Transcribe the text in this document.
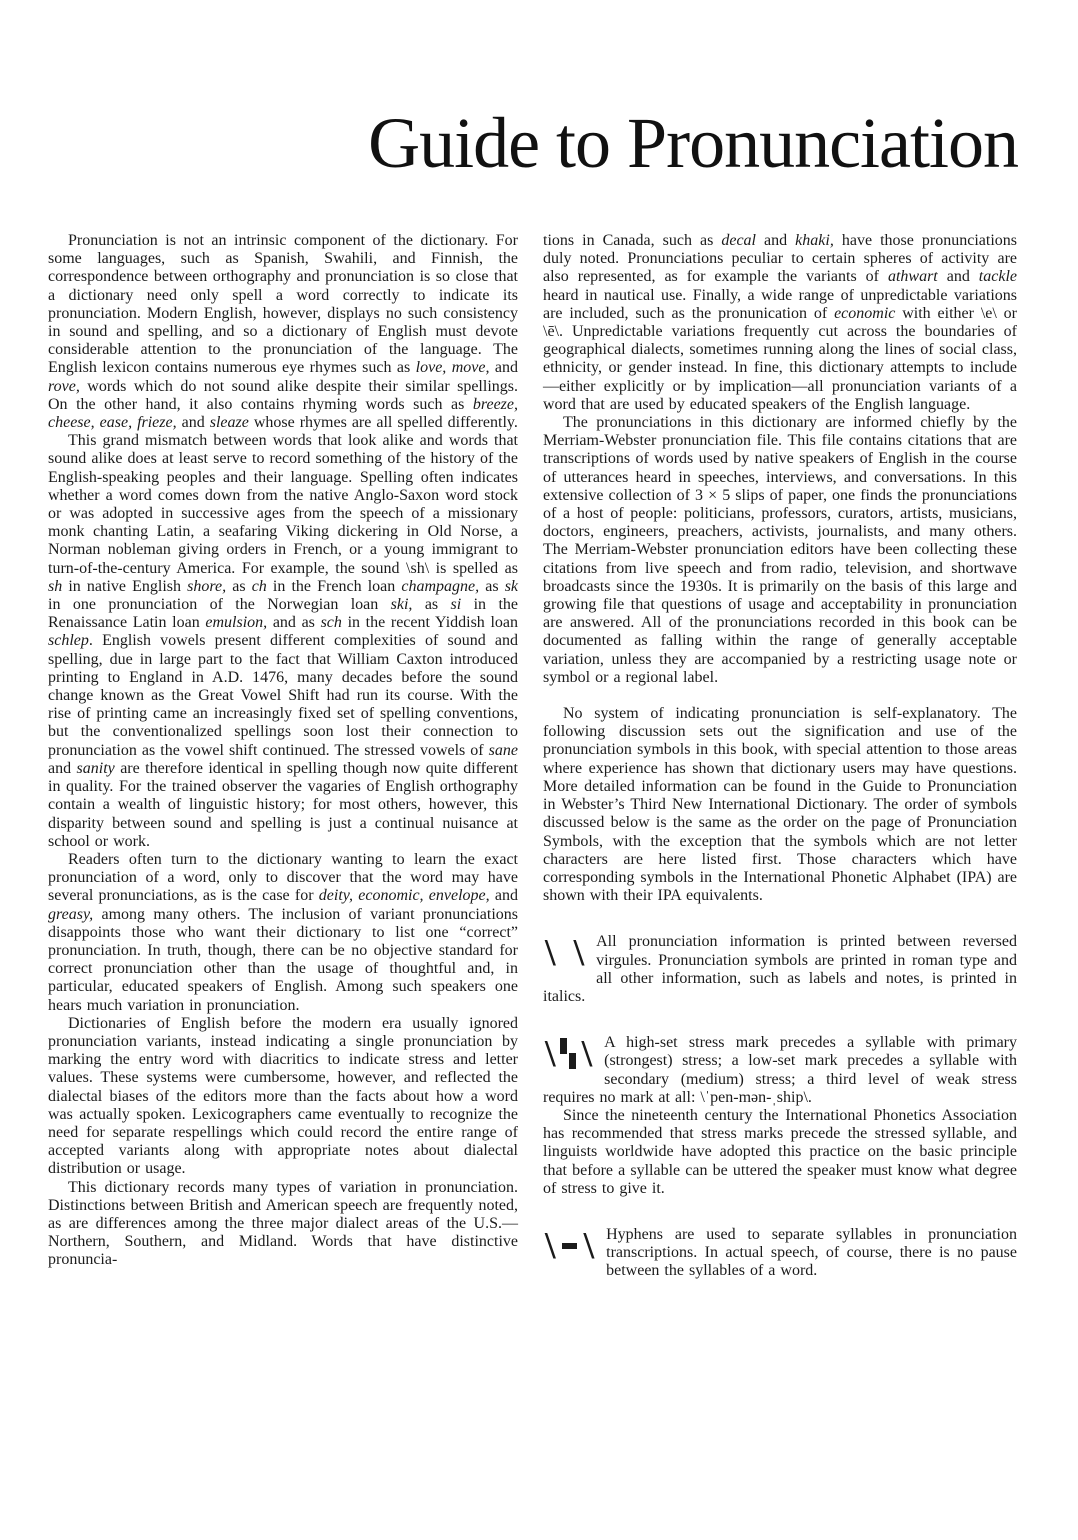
Guide to Pronunciation

Pronunciation is not an intrinsic component of the dictionary. For some languages, such as Spanish, Swahili, and Finnish, the correspondence between orthography and pronunciation is so close that a dictionary need only spell a word correctly to indicate its pronunciation. Modern English, however, displays no such consistency in sound and spelling, and so a dictionary of English must devote considerable attention to the pronunciation of the language. The English lexicon contains numerous eye rhymes such as love, move, and rove, words which do not sound alike despite their similar spellings. On the other hand, it also contains rhyming words such as breeze, cheese, ease, frieze, and sleaze whose rhymes are all spelled differently.

This grand mismatch between words that look alike and words that sound alike does at least serve to record something of the history of the English-speaking peoples and their language. Spelling often indicates whether a word comes down from the native Anglo-Saxon word stock or was adopted in successive ages from the speech of a missionary monk chanting Latin, a seafaring Viking dickering in Old Norse, a Norman nobleman giving orders in French, or a young immigrant to turn-of-the-century America. For example, the sound \sh\ is spelled as sh in native English shore, as ch in the French loan champagne, as sk in one pronunciation of the Norwegian loan ski, as si in the Renaissance Latin loan emulsion, and as sch in the recent Yiddish loan schlep. English vowels present different complexities of sound and spelling, due in large part to the fact that William Caxton introduced printing to England in A.D. 1476, many decades before the sound change known as the Great Vowel Shift had run its course. With the rise of printing came an increasingly fixed set of spelling conventions, but the conventionalized spellings soon lost their connection to pronunciation as the vowel shift continued. The stressed vowels of sane and sanity are therefore identical in spelling though now quite different in quality. For the trained observer the vagaries of English orthography contain a wealth of linguistic history; for most others, however, this disparity between sound and spelling is just a continual nuisance at school or work.

Readers often turn to the dictionary wanting to learn the exact pronunciation of a word, only to discover that the word may have several pronunciations, as is the case for deity, economic, envelope, and greasy, among many others. The inclusion of variant pronunciations disappoints those who want their dictionary to list one “correct” pronunciation. In truth, though, there can be no objective standard for correct pronunciation other than the usage of thoughtful and, in particular, educated speakers of English. Among such speakers one hears much variation in pronunciation.

Dictionaries of English before the modern era usually ignored pronunciation variants, instead indicating a single pronunciation by marking the entry word with diacritics to indicate stress and letter values. These systems were cumbersome, however, and reflected the dialectal biases of the editors more than the facts about how a word was actually spoken. Lexicographers came eventually to recognize the need for separate respellings which could record the entire range of accepted variants along with appropriate notes about dialectal distribution or usage.

This dictionary records many types of variation in pronunciation. Distinctions between British and American speech are frequently noted, as are differences among the three major dialect areas of the U.S.—Northern, Southern, and Midland. Words that have distinctive pronuncia-

tions in Canada, such as decal and khaki, have those pronunciations duly noted. Pronunciations peculiar to certain spheres of activity are also represented, as for example the variants of athwart and tackle heard in nautical use. Finally, a wide range of unpredictable variations are included, such as the pronunication of economic with either \e\ or \ē\. Unpredictable variations frequently cut across the boundaries of geographical dialects, sometimes running along the lines of social class, ethnicity, or gender instead. In fine, this dictionary attempts to include—either explicitly or by implication—all pronunciation variants of a word that are used by educated speakers of the English language.

The pronunciations in this dictionary are informed chiefly by the Merriam-Webster pronunciation file. This file contains citations that are transcriptions of words used by native speakers of English in the course of utterances heard in speeches, interviews, and conversations. In this extensive collection of 3 × 5 slips of paper, one finds the pronunciations of a host of people: politicians, professors, curators, artists, musicians, doctors, engineers, preachers, activists, journalists, and many others. The Merriam-Webster pronunciation editors have been collecting these citations from live speech and from radio, television, and shortwave broadcasts since the 1930s. It is primarily on the basis of this large and growing file that questions of usage and acceptability in pronunciation are answered. All of the pronunciations recorded in this book can be documented as falling within the range of generally acceptable variation, unless they are accompanied by a restricting usage note or symbol or a regional label.

No system of indicating pronunciation is self-explanatory. The following discussion sets out the signification and use of the pronunciation symbols in this book, with special attention to those areas where experience has shown that dictionary users may have questions. More detailed information can be found in the Guide to Pronunciation in Webster’s Third New International Dictionary. The order of symbols discussed below is the same as the order on the page of Pronunciation Symbols, with the exception that the symbols which are not letter characters are here listed first. Those characters which have corresponding symbols in the International Phonetic Alphabet (IPA) are shown with their IPA equivalents.

\ \ All pronunciation information is printed between reversed virgules. Pronunciation symbols are printed in roman type and all other information, such as labels and notes, is printed in italics.

\ \ A high-set stress mark precedes a syllable with primary (strongest) stress; a low-set mark precedes a syllable with secondary (medium) stress; a third level of weak stress requires no mark at all: \ˈpen-mən-ˌship\.

Since the nineteenth century the International Phonetics Association has recommended that stress marks precede the stressed syllable, and linguists worldwide have adopted this practice on the basic principle that before a syllable can be uttered the speaker must know what degree of stress to give it.

\ \ Hyphens are used to separate syllables in pronunciation transcriptions. In actual speech, of course, there is no pause between the syllables of a word.
